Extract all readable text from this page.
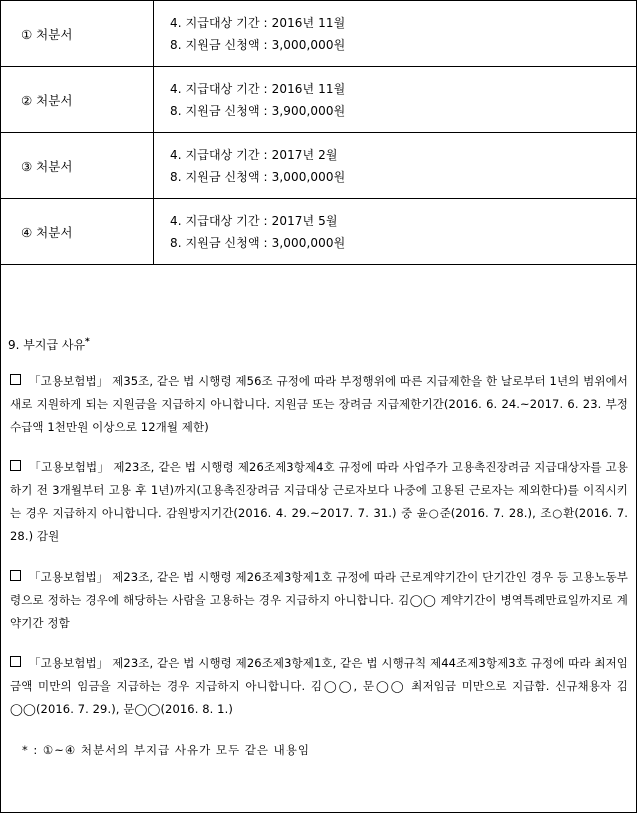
① 처분서	4. 지급대상 기간 : 2016년 11월
8. 지원금 신청액 : 3,000,000원

② 처분서	4. 지급대상 기간 : 2016년 11월
8. 지원금 신청액 : 3,900,000원

③ 처분서	4. 지급대상 기간 : 2017년 2월
8. 지원금 신청액 : 3,000,000원

④ 처분서	4. 지급대상 기간 : 2017년 5월
8. 지원금 신청액 : 3,000,000원
9. 부지급 사유*
「고용보험법」 제35조, 같은 법 시행령 제56조 규정에 따라 부정행위에 따른 지급제한을 한 날로부터 1년의 범위에서 새로 지원하게 되는 지원금을 지급하지 아니합니다. 지원금 또는 장려금 지급제한기간(2016. 6. 24.~2017. 6. 23. 부정수급액 1천만원 이상으로 12개월 제한)
「고용보험법」 제23조, 같은 법 시행령 제26조제3항제4호 규정에 따라 사업주가 고용촉진장려금 지급대상자를 고용하기 전 3개월부터 고용 후 1년)까지(고용촉진장려금 지급대상 근로자보다 나중에 고용된 근로자는 제외한다)를 이직시키는 경우 지급하지 아니합니다. 감원방지기간(2016. 4. 29.~2017. 7. 31.) 중 윤○준(2016. 7. 28.), 조○환(2016. 7. 28.) 감원
「고용보험법」 제23조, 같은 법 시행령 제26조제3항제1호 규정에 따라 근로계약기간이 단기간인 경우 등 고용노동부령으로 정하는 경우에 해당하는 사람을 고용하는 경우 지급하지 아니합니다. 김◯◯ 계약기간이 병역특례만료일까지로 계약기간 정함
「고용보험법」 제23조, 같은 법 시행령 제26조제3항제1호, 같은 법 시행규칙 제44조제3항제3호 규정에 따라 최저임금액 미만의 임금을 지급하는 경우 지급하지 아니합니다. 김◯◯, 문◯◯ 최저임금 미만으로 지급함. 신규채용자 김◯◯(2016. 7. 29.), 문◯◯(2016. 8. 1.)
* : ①~④ 처분서의 부지급 사유가 모두 같은 내용임
